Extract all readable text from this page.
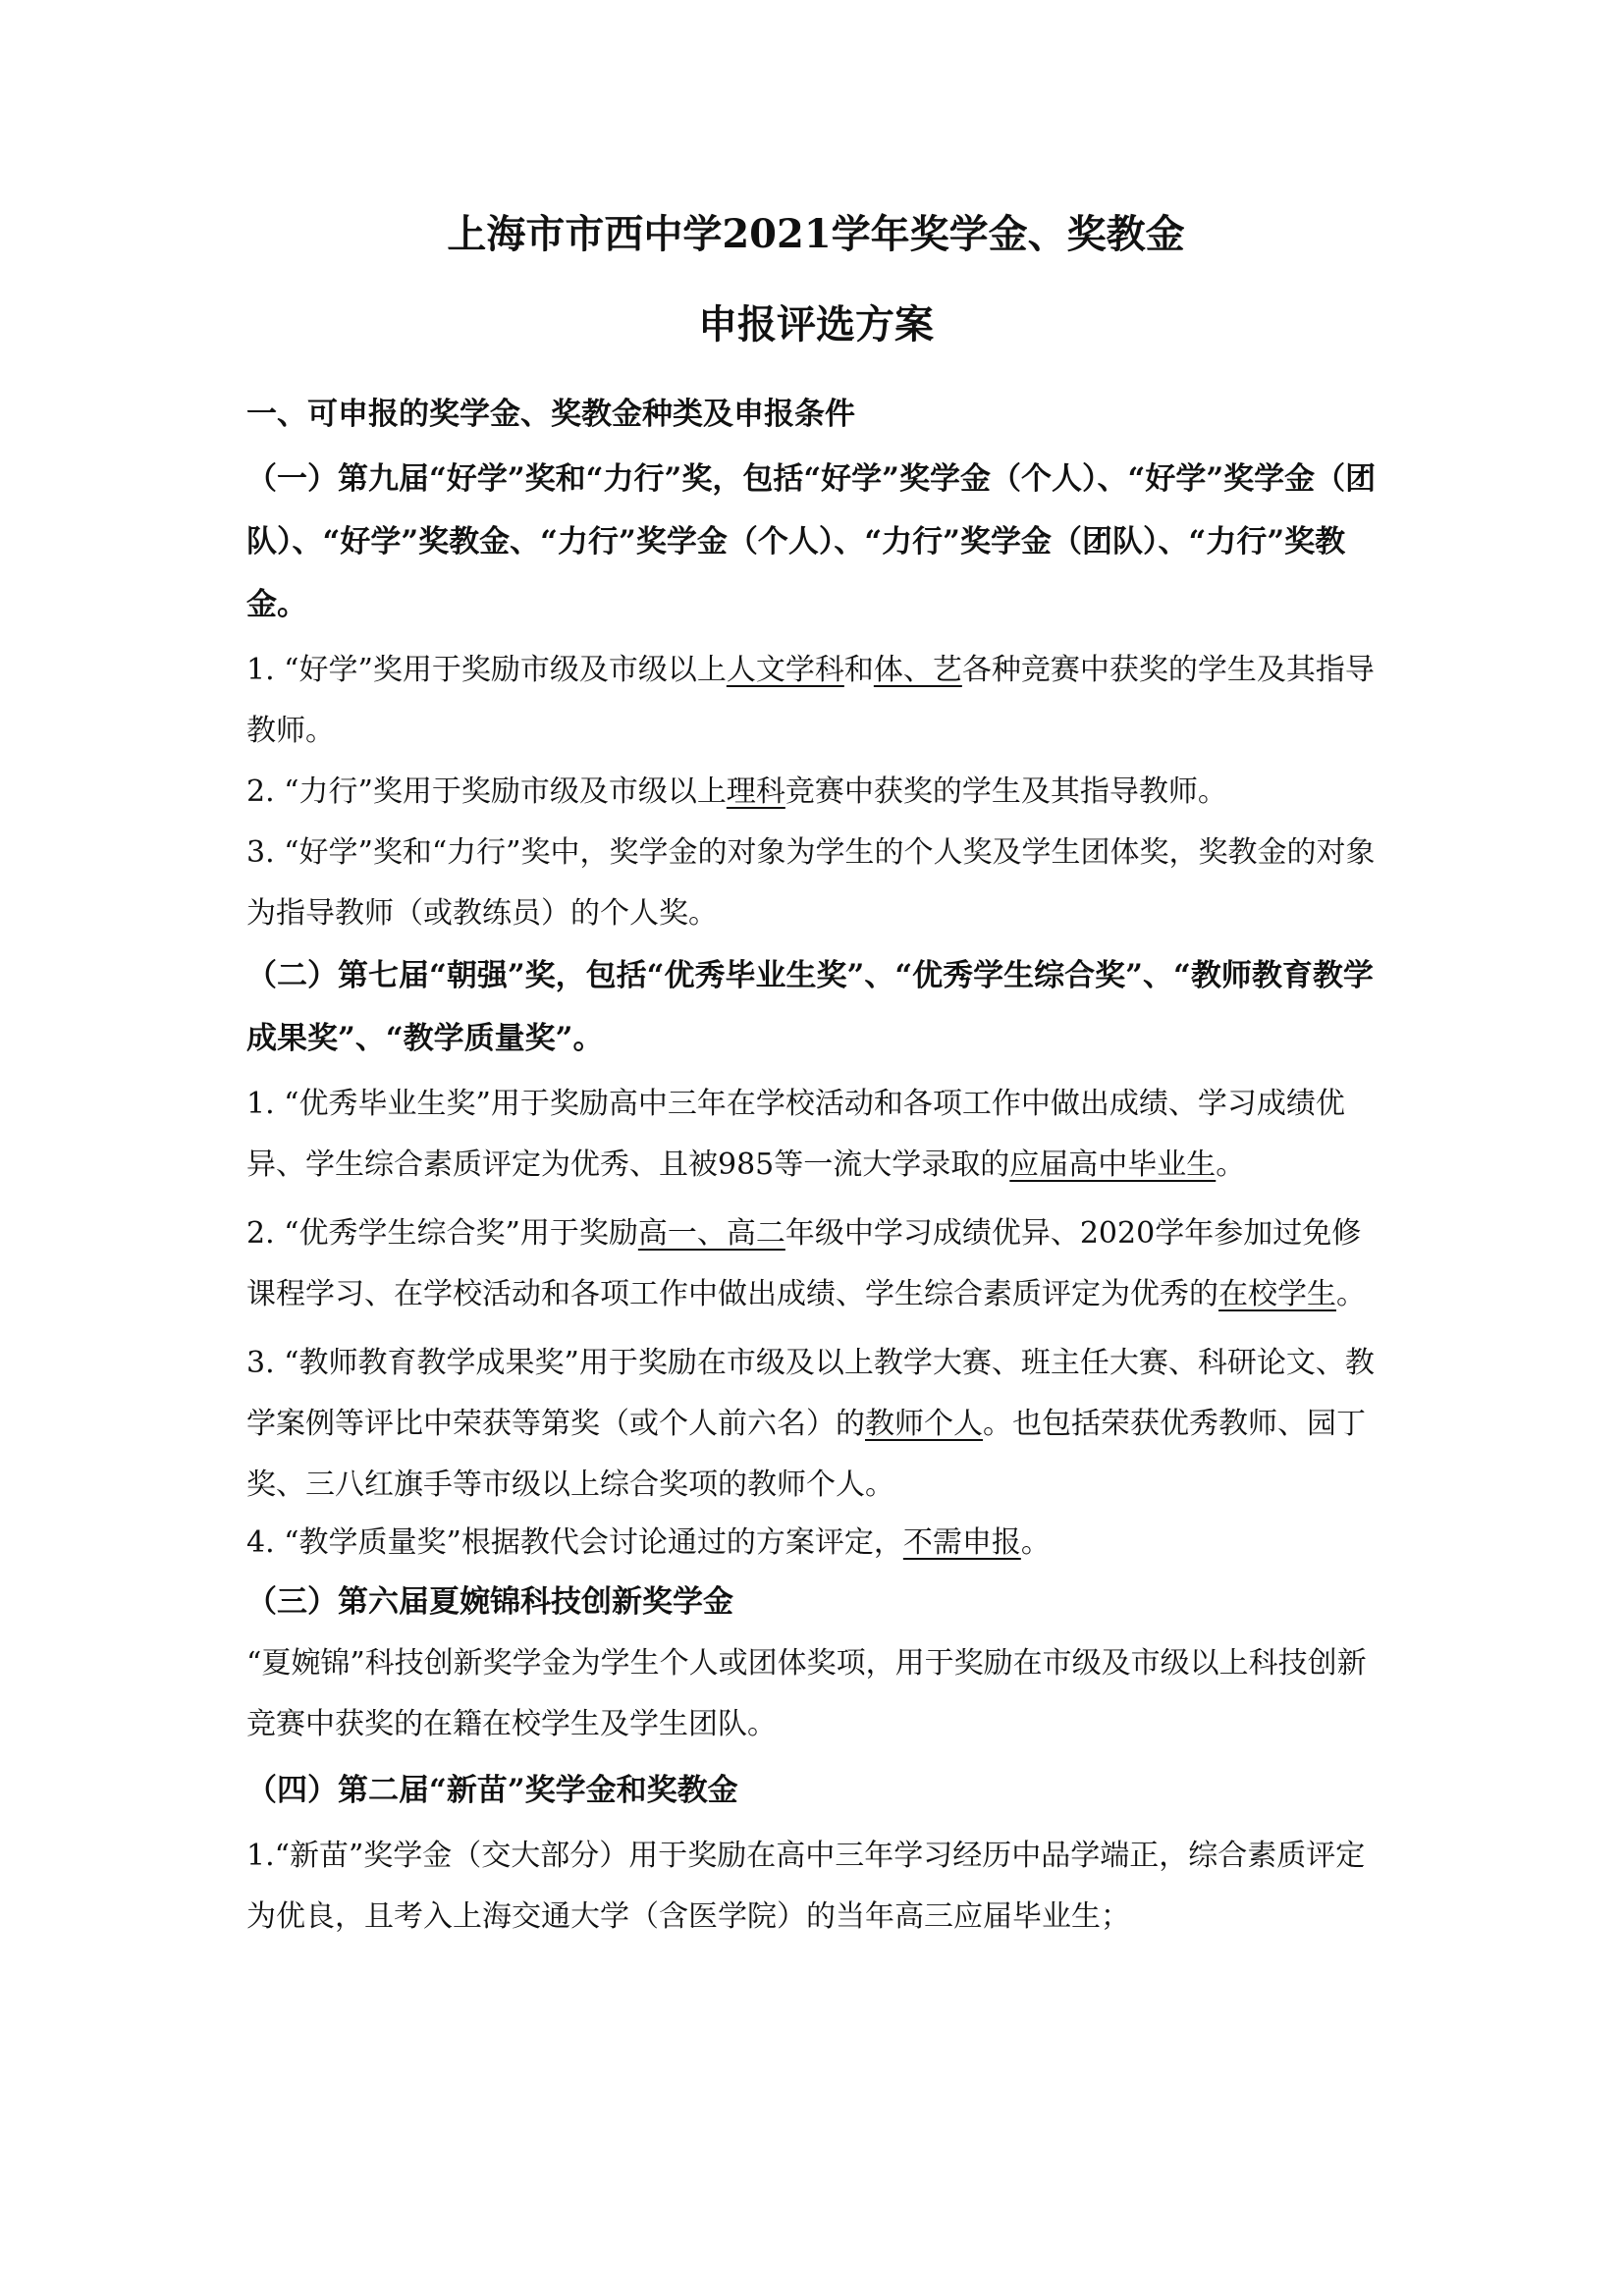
上海市市西中学2021学年奖学金、奖教金

申报评选方案

一、可申报的奖学金、奖教金种类及申报条件

（一）第九届“好学”奖和“力行”奖，包括“好学”奖学金（个人）、“好学”奖学金（团队）、“好学”奖教金、“力行”奖学金（个人）、“力行”奖学金（团队）、“力行”奖教金。

1. “好学”奖用于奖励市级及市级以上人文学科和体、艺各种竞赛中获奖的学生及其指导教师。

2. “力行”奖用于奖励市级及市级以上理科竞赛中获奖的学生及其指导教师。

3. “好学”奖和“力行”奖中，奖学金的对象为学生的个人奖及学生团体奖，奖教金的对象为指导教师（或教练员）的个人奖。

（二）第七届“朝强”奖，包括“优秀毕业生奖”、“优秀学生综合奖”、“教师教育教学成果奖”、“教学质量奖”。

1. “优秀毕业生奖”用于奖励高中三年在学校活动和各项工作中做出成绩、学习成绩优异、学生综合素质评定为优秀、且被985等一流大学录取的应届高中毕业生。

2. “优秀学生综合奖”用于奖励高一、高二年级中学习成绩优异、2020学年参加过免修课程学习、在学校活动和各项工作中做出成绩、学生综合素质评定为优秀的在校学生。

3. “教师教育教学成果奖”用于奖励在市级及以上教学大赛、班主任大赛、科研论文、教学案例等评比中荣获等第奖（或个人前六名）的教师个人。也包括荣获优秀教师、园丁奖、三八红旗手等市级以上综合奖项的教师个人。

4. “教学质量奖”根据教代会讨论通过的方案评定，不需申报。

（三）第六届夏婉锦科技创新奖学金

“夏婉锦”科技创新奖学金为学生个人或团体奖项，用于奖励在市级及市级以上科技创新竞赛中获奖的在籍在校学生及学生团队。

（四）第二届“新苗”奖学金和奖教金

1.“新苗”奖学金（交大部分）用于奖励在高中三年学习经历中品学端正，综合素质评定为优良，且考入上海交通大学（含医学院）的当年高三应届毕业生；
